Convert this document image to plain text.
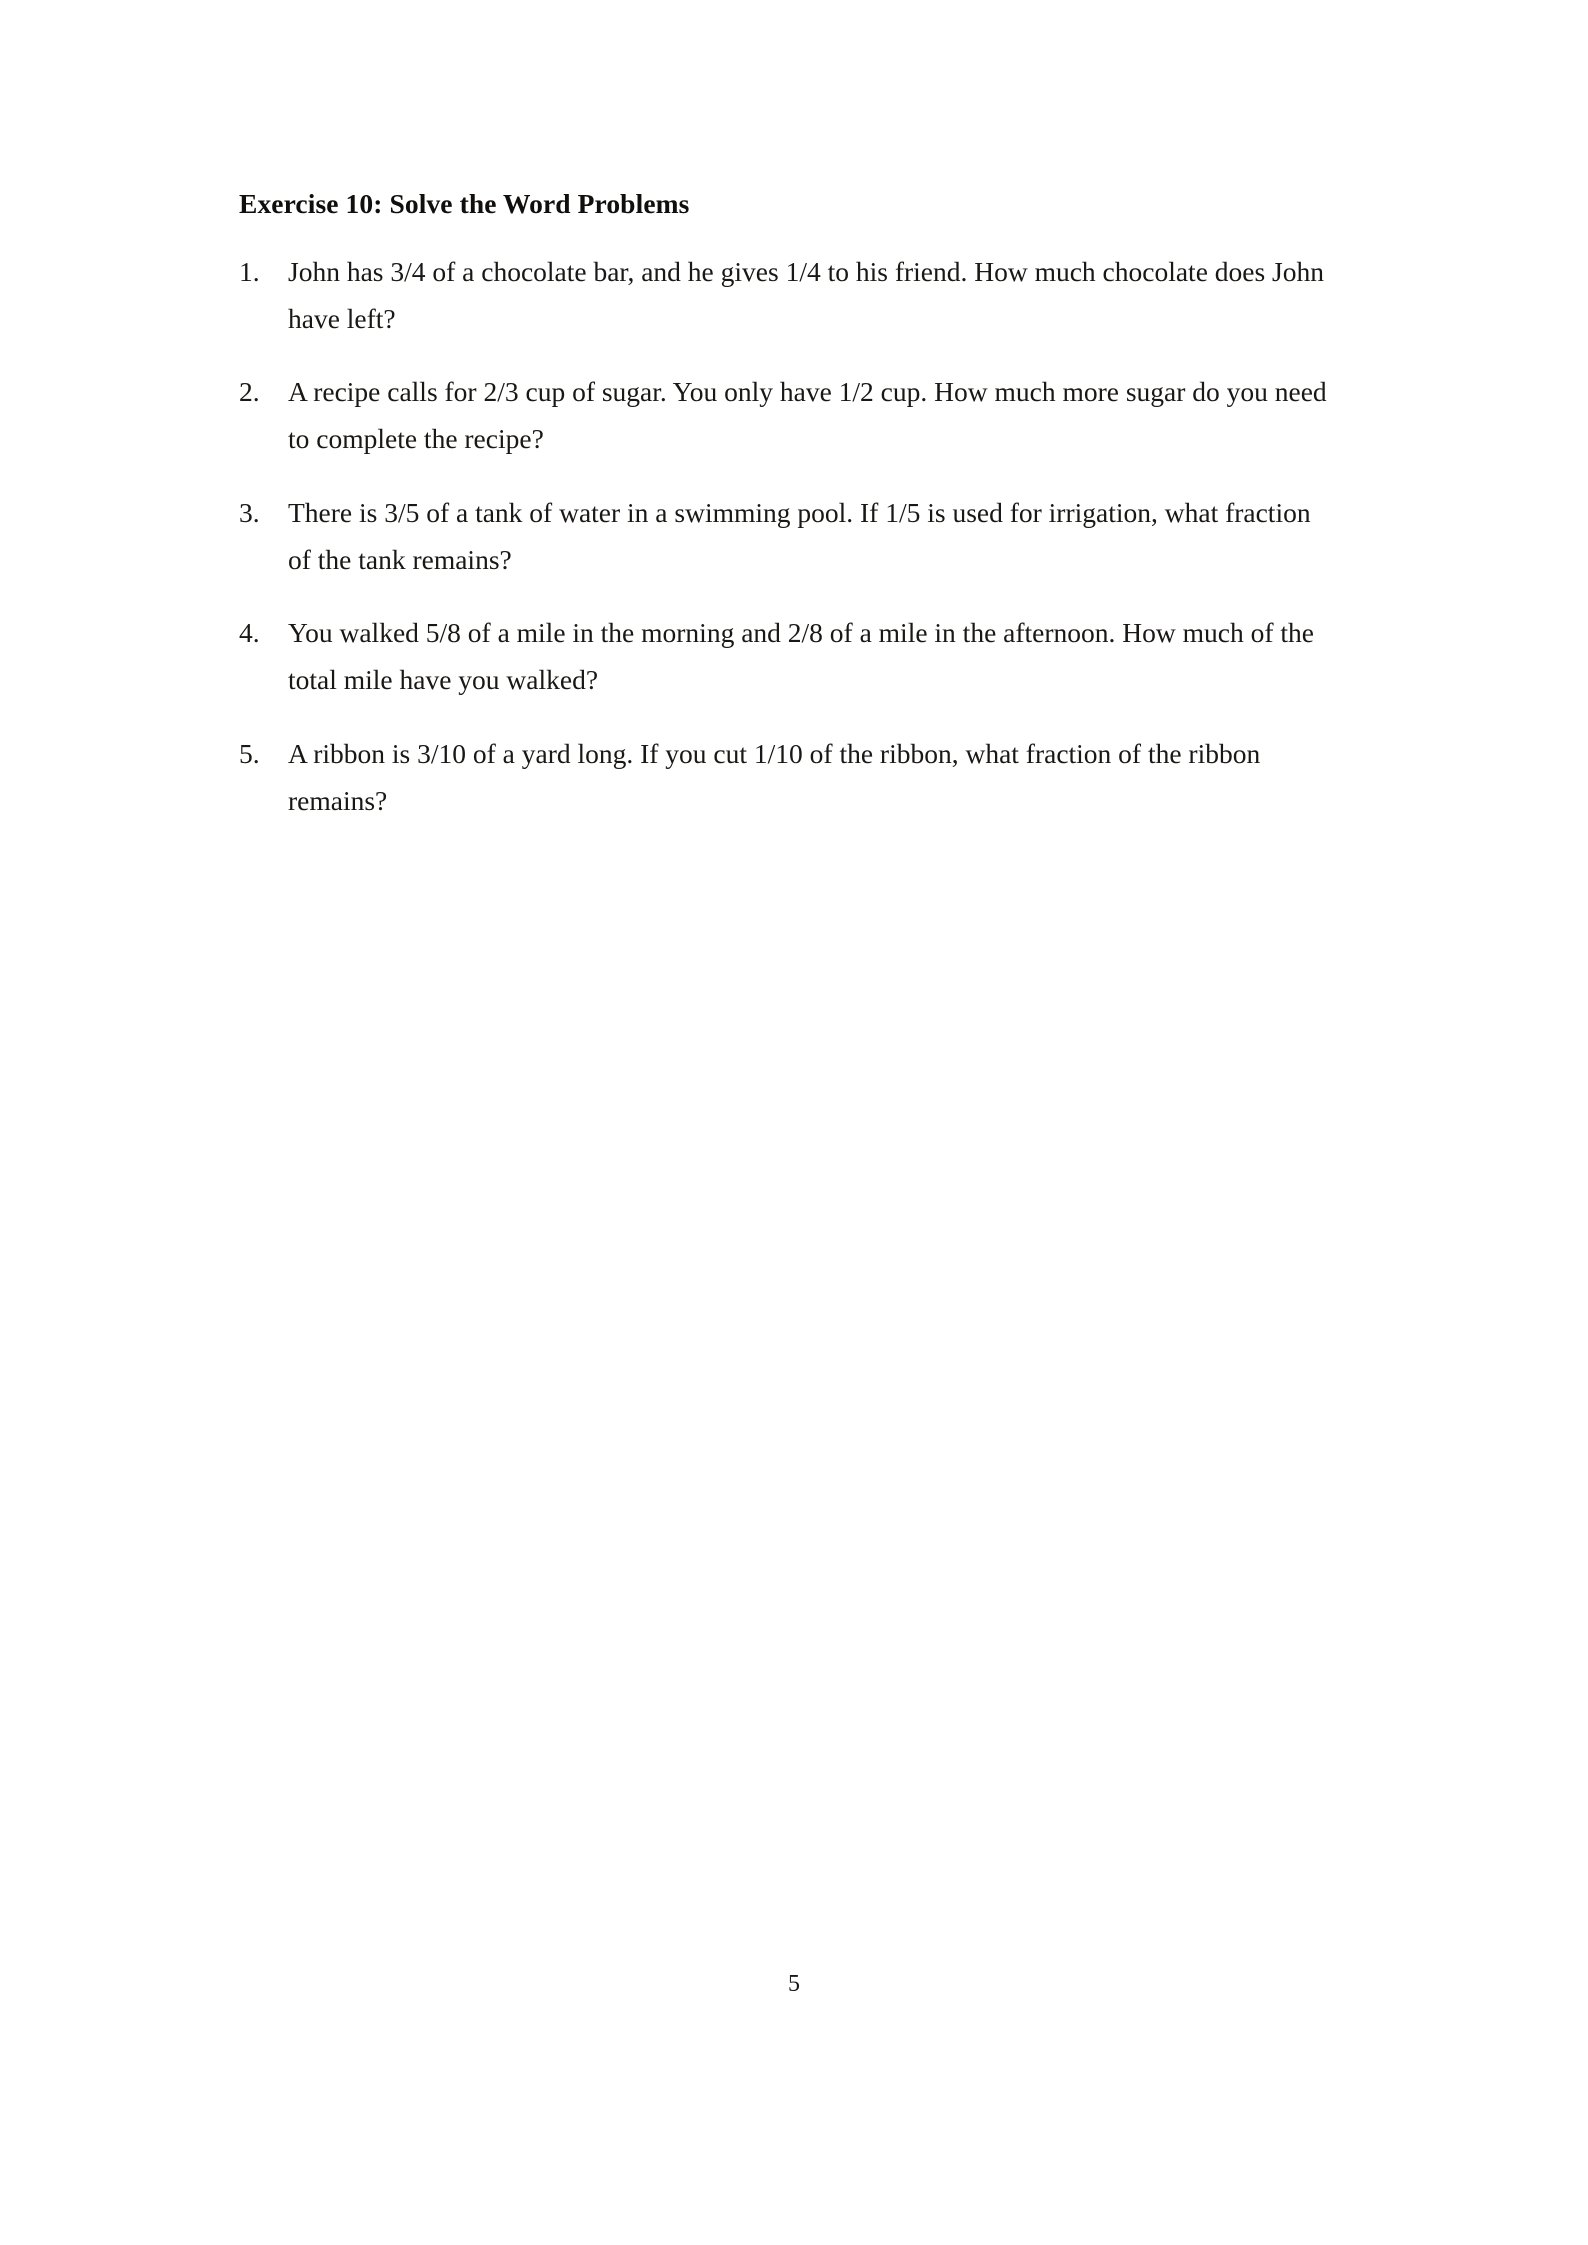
Exercise 10: Solve the Word Problems
1.	John has 3/4 of a chocolate bar, and he gives 1/4 to his friend. How much chocolate does John have left?
2.	A recipe calls for 2/3 cup of sugar. You only have 1/2 cup. How much more sugar do you need to complete the recipe?
3.	There is 3/5 of a tank of water in a swimming pool. If 1/5 is used for irrigation, what fraction of the tank remains?
4.	You walked 5/8 of a mile in the morning and 2/8 of a mile in the afternoon. How much of the total mile have you walked?
5.	A ribbon is 3/10 of a yard long. If you cut 1/10 of the ribbon, what fraction of the ribbon remains?
5
